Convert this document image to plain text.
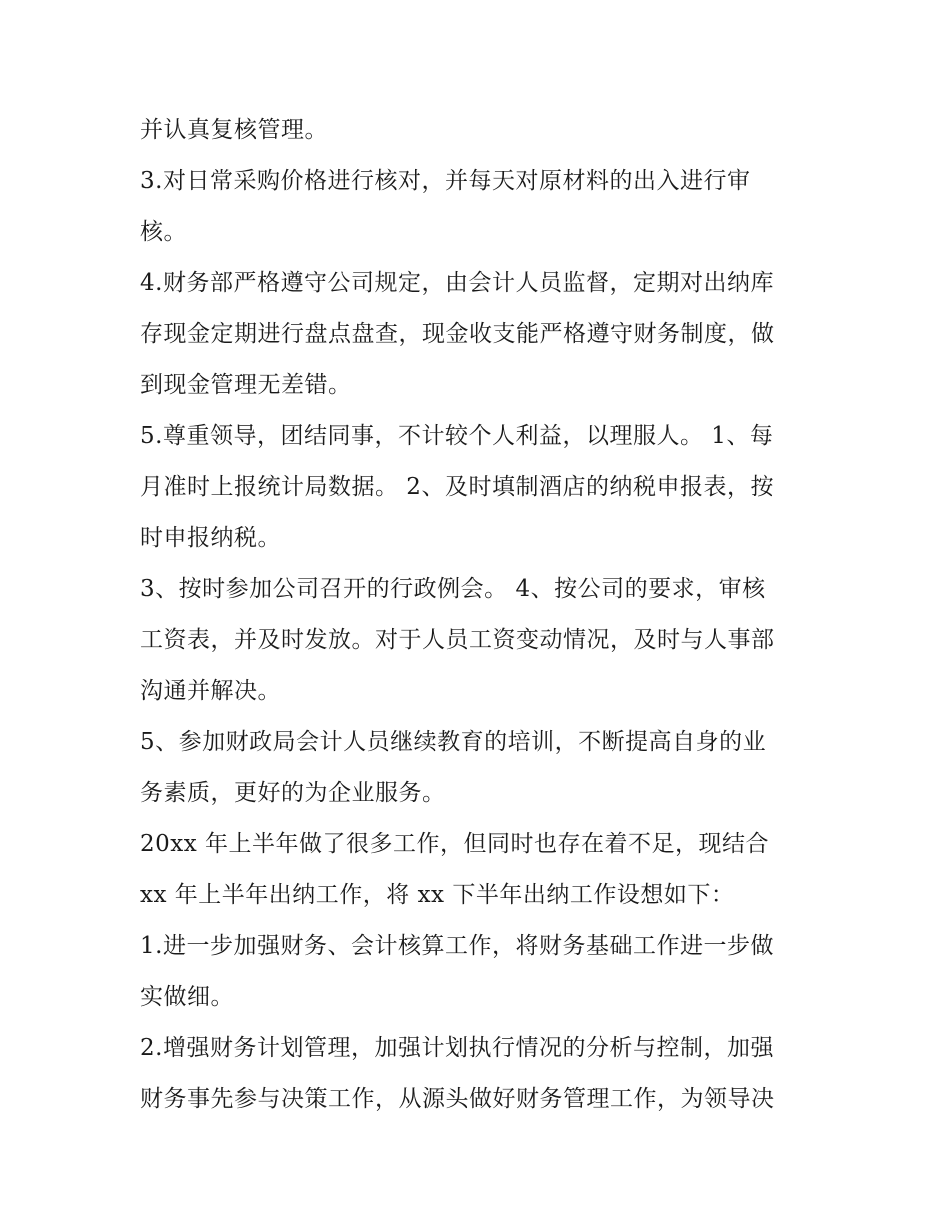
并认真复核管理。
3.对日常采购价格进行核对，并每天对原材料的出入进行审
核。
4.财务部严格遵守公司规定，由会计人员监督，定期对出纳库
存现金定期进行盘点盘查，现金收支能严格遵守财务制度，做
到现金管理无差错。
5.尊重领导，团结同事，不计较个人利益，以理服人。 1、每
月准时上报统计局数据。 2、及时填制酒店的纳税申报表，按
时申报纳税。
3、按时参加公司召开的行政例会。 4、按公司的要求，审核
工资表，并及时发放。对于人员工资变动情况，及时与人事部
沟通并解决。
5、参加财政局会计人员继续教育的培训，不断提高自身的业
务素质，更好的为企业服务。
20xx 年上半年做了很多工作，但同时也存在着不足，现结合
xx 年上半年出纳工作，将 xx 下半年出纳工作设想如下：
1.进一步加强财务、会计核算工作，将财务基础工作进一步做
实做细。
2.增强财务计划管理，加强计划执行情况的分析与控制，加强
财务事先参与决策工作，从源头做好财务管理工作，为领导决
